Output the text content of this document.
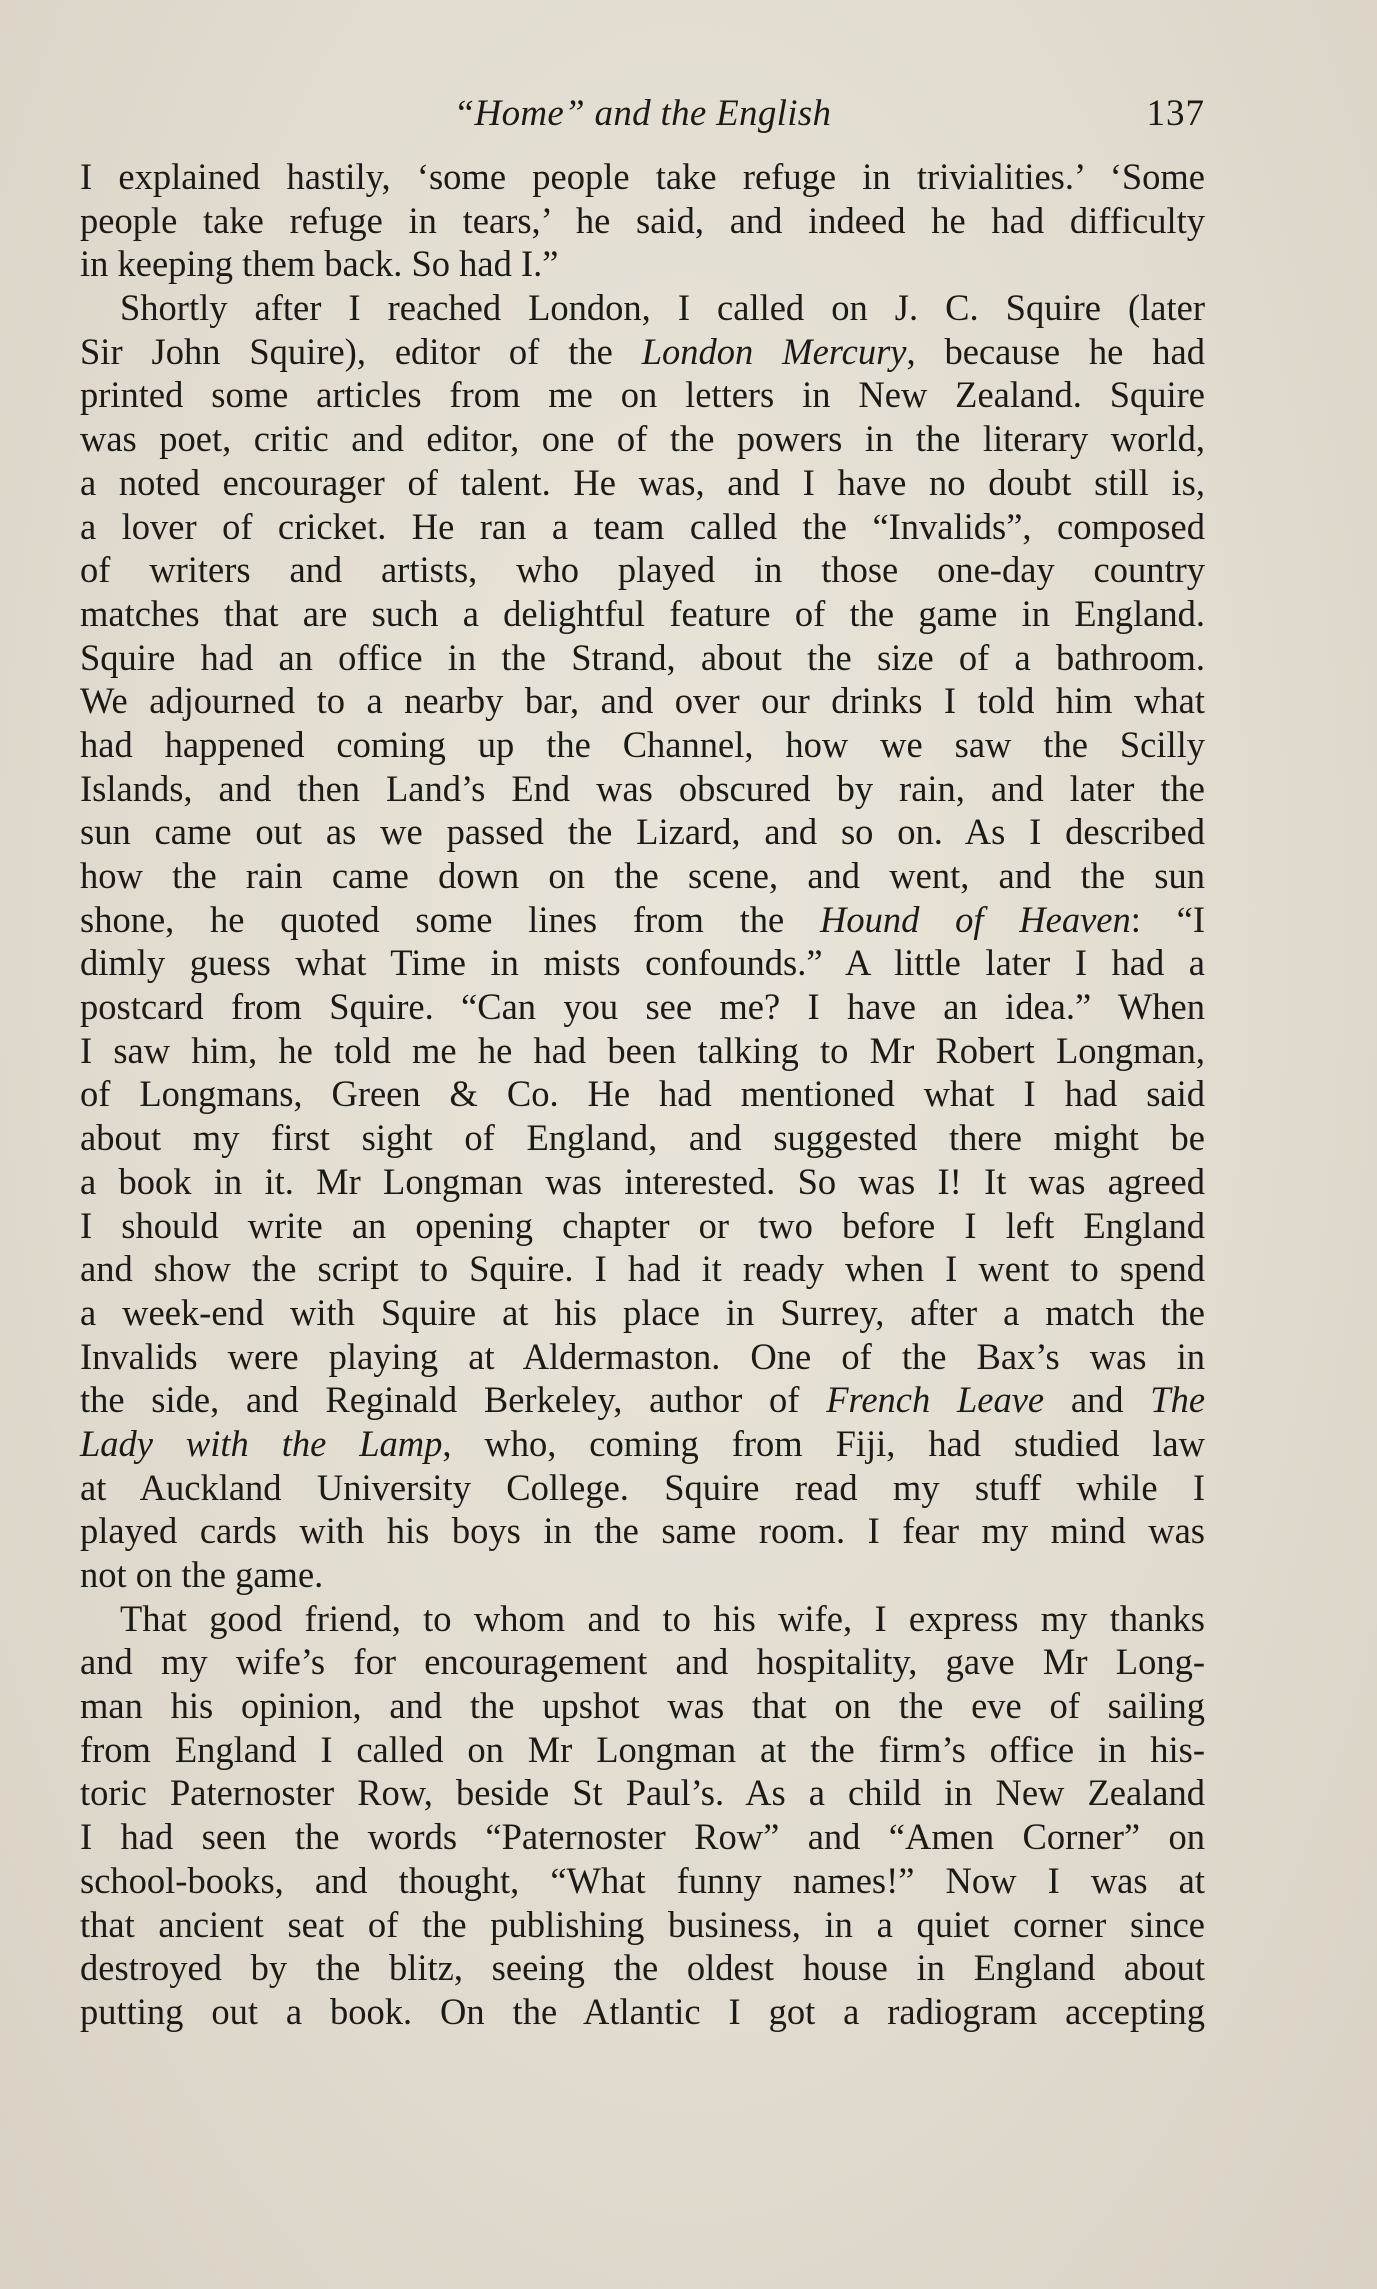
“Home” and the English	137
I explained hastily, ‘some people take refuge in trivialities.’ ‘Some
people take refuge in tears,’ he said, and indeed he had difficulty
in keeping them back. So had I.”
Shortly after I reached London, I called on J. C. Squire (later
Sir John Squire), editor of the London Mercury, because he had
printed some articles from me on letters in New Zealand. Squire
was poet, critic and editor, one of the powers in the literary world,
a noted encourager of talent. He was, and I have no doubt still is,
a lover of cricket. He ran a team called the “Invalids”, composed
of writers and artists, who played in those one-day country
matches that are such a delightful feature of the game in England.
Squire had an office in the Strand, about the size of a bathroom.
We adjourned to a nearby bar, and over our drinks I told him what
had happened coming up the Channel, how we saw the Scilly
Islands, and then Land’s End was obscured by rain, and later the
sun came out as we passed the Lizard, and so on. As I described
how the rain came down on the scene, and went, and the sun
shone, he quoted some lines from the Hound of Heaven: “I
dimly guess what Time in mists confounds.” A little later I had a
postcard from Squire. “Can you see me? I have an idea.” When
I saw him, he told me he had been talking to Mr Robert Longman,
of Longmans, Green & Co. He had mentioned what I had said
about my first sight of England, and suggested there might be
a book in it. Mr Longman was interested. So was I! It was agreed
I should write an opening chapter or two before I left England
and show the script to Squire. I had it ready when I went to spend
a week-end with Squire at his place in Surrey, after a match the
Invalids were playing at Aldermaston. One of the Bax’s was in
the side, and Reginald Berkeley, author of French Leave and The
Lady with the Lamp, who, coming from Fiji, had studied law
at Auckland University College. Squire read my stuff while I
played cards with his boys in the same room. I fear my mind was
not on the game.
That good friend, to whom and to his wife, I express my thanks
and my wife’s for encouragement and hospitality, gave Mr Long-
man his opinion, and the upshot was that on the eve of sailing
from England I called on Mr Longman at the firm’s office in his-
toric Paternoster Row, beside St Paul’s. As a child in New Zealand
I had seen the words “Paternoster Row” and “Amen Corner” on
school-books, and thought, “What funny names!” Now I was at
that ancient seat of the publishing business, in a quiet corner since
destroyed by the blitz, seeing the oldest house in England about
putting out a book. On the Atlantic I got a radiogram accepting
